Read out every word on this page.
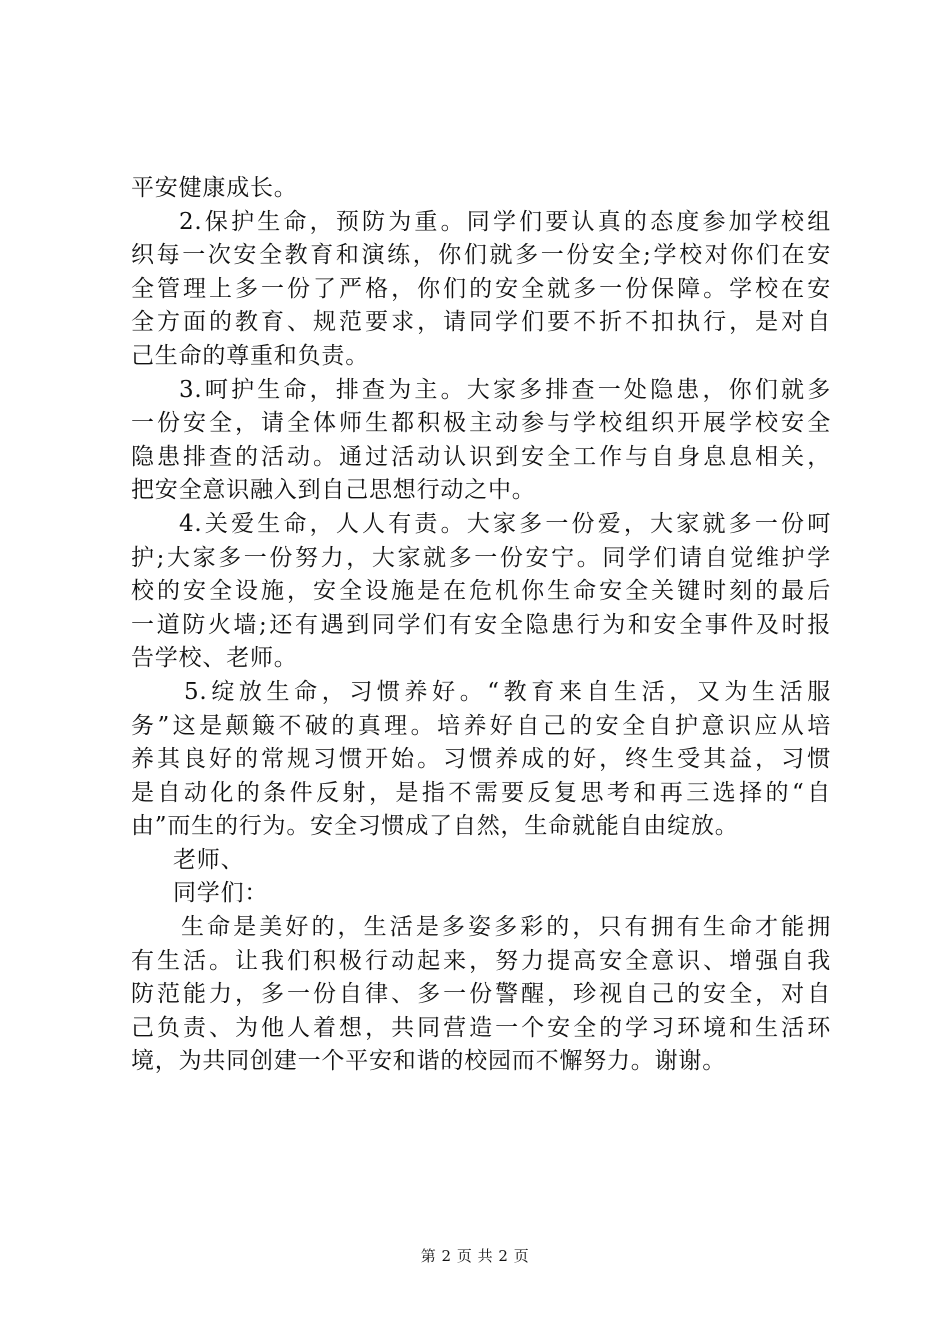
平安健康成长。
2.保护生命，预防为重。同学们要认真的态度参加学校组
织每一次安全教育和演练，你们就多一份安全;学校对你们在安
全管理上多一份了严格，你们的安全就多一份保障。学校在安
全方面的教育、规范要求，请同学们要不折不扣执行，是对自
己生命的尊重和负责。
3.呵护生命，排查为主。大家多排查一处隐患，你们就多
一份安全，请全体师生都积极主动参与学校组织开展学校安全
隐患排查的活动。通过活动认识到安全工作与自身息息相关，
把安全意识融入到自己思想行动之中。
4.关爱生命，人人有责。大家多一份爱，大家就多一份呵
护;大家多一份努力，大家就多一份安宁。同学们请自觉维护学
校的安全设施，安全设施是在危机你生命安全关键时刻的最后
一道防火墙;还有遇到同学们有安全隐患行为和安全事件及时报
告学校、老师。
5.绽放生命，习惯养好。“教育来自生活，又为生活服
务”这是颠簸不破的真理。培养好自己的安全自护意识应从培
养其良好的常规习惯开始。习惯养成的好，终生受其益，习惯
是自动化的条件反射，是指不需要反复思考和再三选择的“自
由”而生的行为。安全习惯成了自然，生命就能自由绽放。
老师、
同学们：
生命是美好的，生活是多姿多彩的，只有拥有生命才能拥
有生活。让我们积极行动起来，努力提高安全意识、增强自我
防范能力，多一份自律、多一份警醒，珍视自己的安全，对自
己负责、为他人着想，共同营造一个安全的学习环境和生活环
境，为共同创建一个平安和谐的校园而不懈努力。谢谢。
第 2 页 共 2 页
